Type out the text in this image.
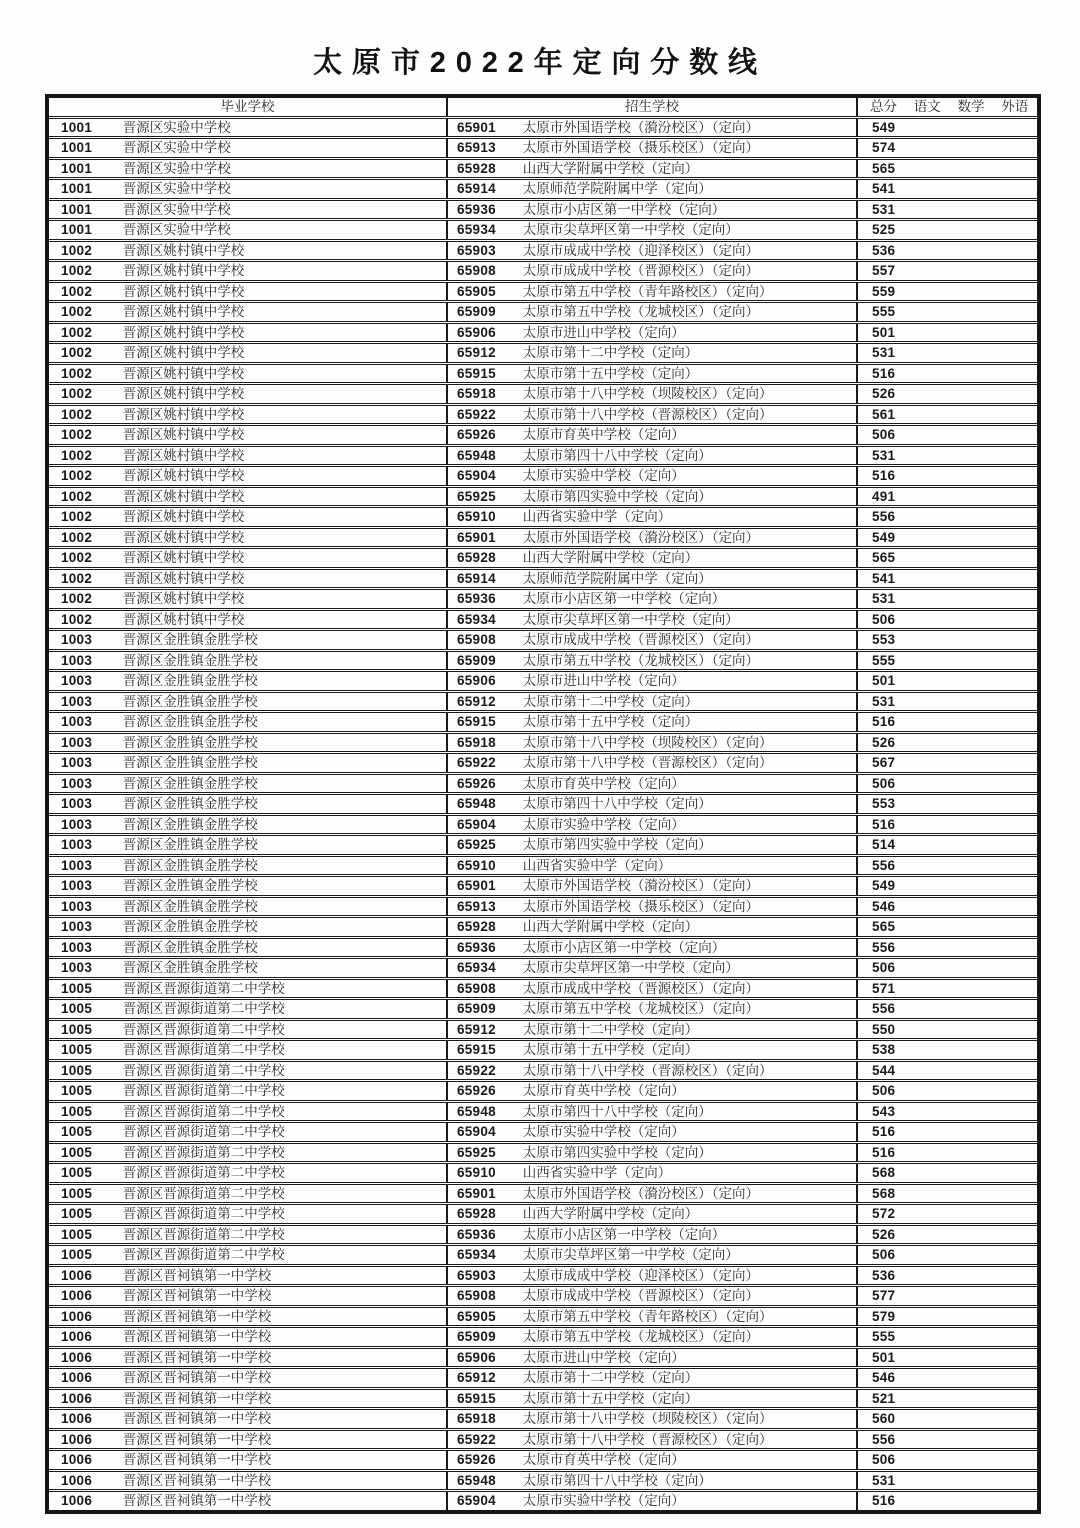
太原市2022年定向分数线
毕业学校	招生学校	总分 语文 数学 外语
1001 晋源区实验中学校	65901 太原市外国语学校（漪汾校区）（定向）	549
1001 晋源区实验中学校	65913 太原市外国语学校（摄乐校区）（定向）	574
1001 晋源区实验中学校	65928 山西大学附属中学校（定向）	565
1001 晋源区实验中学校	65914 太原师范学院附属中学（定向）	541
1001 晋源区实验中学校	65936 太原市小店区第一中学校（定向）	531
1001 晋源区实验中学校	65934 太原市尖草坪区第一中学校（定向）	525
1002 晋源区姚村镇中学校	65903 太原市成成中学校（迎泽校区）（定向）	536
1002 晋源区姚村镇中学校	65908 太原市成成中学校（晋源校区）（定向）	557
1002 晋源区姚村镇中学校	65905 太原市第五中学校（青年路校区）（定向）	559
1002 晋源区姚村镇中学校	65909 太原市第五中学校（龙城校区）（定向）	555
1002 晋源区姚村镇中学校	65906 太原市进山中学校（定向）	501
1002 晋源区姚村镇中学校	65912 太原市第十二中学校（定向）	531
1002 晋源区姚村镇中学校	65915 太原市第十五中学校（定向）	516
1002 晋源区姚村镇中学校	65918 太原市第十八中学校（坝陵校区）（定向）	526
1002 晋源区姚村镇中学校	65922 太原市第十八中学校（晋源校区）（定向）	561
1002 晋源区姚村镇中学校	65926 太原市育英中学校（定向）	506
1002 晋源区姚村镇中学校	65948 太原市第四十八中学校（定向）	531
1002 晋源区姚村镇中学校	65904 太原市实验中学校（定向）	516
1002 晋源区姚村镇中学校	65925 太原市第四实验中学校（定向）	491
1002 晋源区姚村镇中学校	65910 山西省实验中学（定向）	556
1002 晋源区姚村镇中学校	65901 太原市外国语学校（漪汾校区）（定向）	549
1002 晋源区姚村镇中学校	65928 山西大学附属中学校（定向）	565
1002 晋源区姚村镇中学校	65914 太原师范学院附属中学（定向）	541
1002 晋源区姚村镇中学校	65936 太原市小店区第一中学校（定向）	531
1002 晋源区姚村镇中学校	65934 太原市尖草坪区第一中学校（定向）	506
1003 晋源区金胜镇金胜学校	65908 太原市成成中学校（晋源校区）（定向）	553
1003 晋源区金胜镇金胜学校	65909 太原市第五中学校（龙城校区）（定向）	555
1003 晋源区金胜镇金胜学校	65906 太原市进山中学校（定向）	501
1003 晋源区金胜镇金胜学校	65912 太原市第十二中学校（定向）	531
1003 晋源区金胜镇金胜学校	65915 太原市第十五中学校（定向）	516
1003 晋源区金胜镇金胜学校	65918 太原市第十八中学校（坝陵校区）（定向）	526
1003 晋源区金胜镇金胜学校	65922 太原市第十八中学校（晋源校区）（定向）	567
1003 晋源区金胜镇金胜学校	65926 太原市育英中学校（定向）	506
1003 晋源区金胜镇金胜学校	65948 太原市第四十八中学校（定向）	553
1003 晋源区金胜镇金胜学校	65904 太原市实验中学校（定向）	516
1003 晋源区金胜镇金胜学校	65925 太原市第四实验中学校（定向）	514
1003 晋源区金胜镇金胜学校	65910 山西省实验中学（定向）	556
1003 晋源区金胜镇金胜学校	65901 太原市外国语学校（漪汾校区）（定向）	549
1003 晋源区金胜镇金胜学校	65913 太原市外国语学校（摄乐校区）（定向）	546
1003 晋源区金胜镇金胜学校	65928 山西大学附属中学校（定向）	565
1003 晋源区金胜镇金胜学校	65936 太原市小店区第一中学校（定向）	556
1003 晋源区金胜镇金胜学校	65934 太原市尖草坪区第一中学校（定向）	506
1005 晋源区晋源街道第二中学校	65908 太原市成成中学校（晋源校区）（定向）	571
1005 晋源区晋源街道第二中学校	65909 太原市第五中学校（龙城校区）（定向）	556
1005 晋源区晋源街道第二中学校	65912 太原市第十二中学校（定向）	550
1005 晋源区晋源街道第二中学校	65915 太原市第十五中学校（定向）	538
1005 晋源区晋源街道第二中学校	65922 太原市第十八中学校（晋源校区）（定向）	544
1005 晋源区晋源街道第二中学校	65926 太原市育英中学校（定向）	506
1005 晋源区晋源街道第二中学校	65948 太原市第四十八中学校（定向）	543
1005 晋源区晋源街道第二中学校	65904 太原市实验中学校（定向）	516
1005 晋源区晋源街道第二中学校	65925 太原市第四实验中学校（定向）	516
1005 晋源区晋源街道第二中学校	65910 山西省实验中学（定向）	568
1005 晋源区晋源街道第二中学校	65901 太原市外国语学校（漪汾校区）（定向）	568
1005 晋源区晋源街道第二中学校	65928 山西大学附属中学校（定向）	572
1005 晋源区晋源街道第二中学校	65936 太原市小店区第一中学校（定向）	526
1005 晋源区晋源街道第二中学校	65934 太原市尖草坪区第一中学校（定向）	506
1006 晋源区晋祠镇第一中学校	65903 太原市成成中学校（迎泽校区）（定向）	536
1006 晋源区晋祠镇第一中学校	65908 太原市成成中学校（晋源校区）（定向）	577
1006 晋源区晋祠镇第一中学校	65905 太原市第五中学校（青年路校区）（定向）	579
1006 晋源区晋祠镇第一中学校	65909 太原市第五中学校（龙城校区）（定向）	555
1006 晋源区晋祠镇第一中学校	65906 太原市进山中学校（定向）	501
1006 晋源区晋祠镇第一中学校	65912 太原市第十二中学校（定向）	546
1006 晋源区晋祠镇第一中学校	65915 太原市第十五中学校（定向）	521
1006 晋源区晋祠镇第一中学校	65918 太原市第十八中学校（坝陵校区）（定向）	560
1006 晋源区晋祠镇第一中学校	65922 太原市第十八中学校（晋源校区）（定向）	556
1006 晋源区晋祠镇第一中学校	65926 太原市育英中学校（定向）	506
1006 晋源区晋祠镇第一中学校	65948 太原市第四十八中学校（定向）	531
1006 晋源区晋祠镇第一中学校	65904 太原市实验中学校（定向）	516
